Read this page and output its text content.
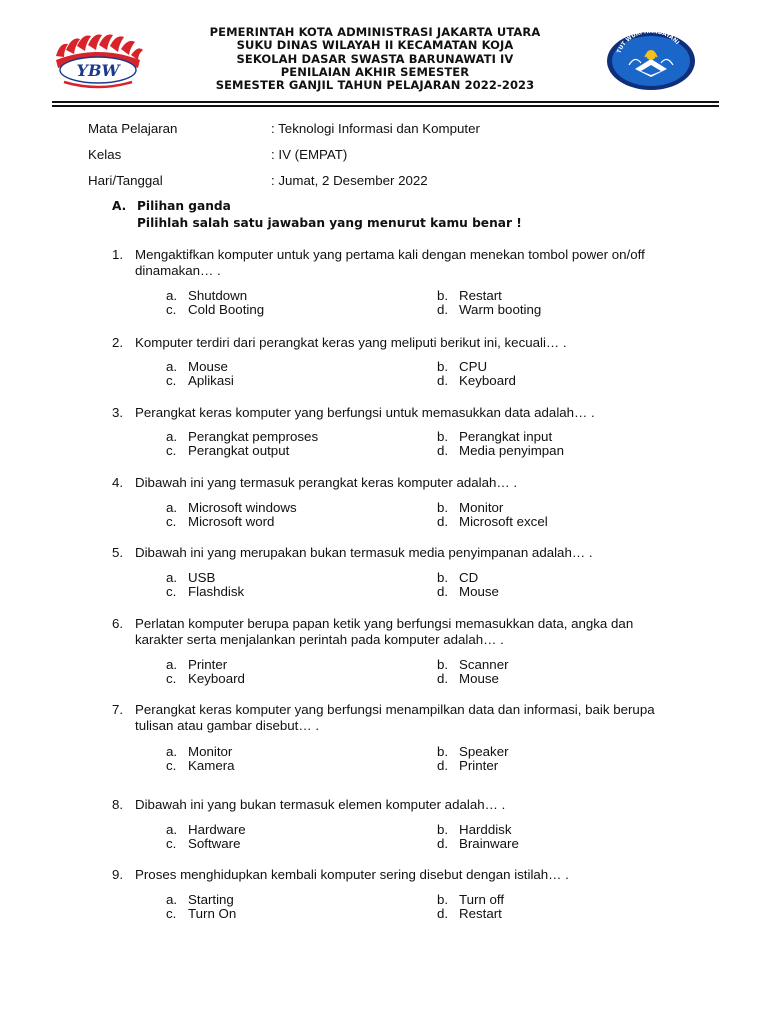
YBW
PEMERINTAH KOTA ADMINISTRASI JAKARTA UTARA
SUKU DINAS WILAYAH II KECAMATAN KOJA
SEKOLAH DASAR SWASTA BARUNAWATI IV
PENILAIAN AKHIR SEMESTER
SEMESTER GANJIL TAHUN PELAJARAN 2022-2023
TUT WURI HANDAYANI
Mata Pelajaran	: Teknologi Informasi dan Komputer
Kelas	: IV (EMPAT)
Hari/Tanggal	: Jumat, 2 Desember 2022
A. Pilihan ganda
Pilihlah salah satu jawaban yang menurut kamu benar !
1. Mengaktifkan komputer untuk yang pertama kali dengan menekan tombol power on/off dinamakan… .
a. Shutdown	b. Restart
c. Cold Booting	d. Warm booting
2. Komputer terdiri dari perangkat keras yang meliputi berikut ini, kecuali… .
a. Mouse	b. CPU
c. Aplikasi	d. Keyboard
3. Perangkat keras komputer yang berfungsi untuk memasukkan data adalah… .
a. Perangkat pemproses	b. Perangkat input
c. Perangkat output	d. Media penyimpan
4. Dibawah ini yang termasuk perangkat keras komputer adalah… .
a. Microsoft windows	b. Monitor
c. Microsoft word	d. Microsoft excel
5. Dibawah ini yang merupakan bukan termasuk media penyimpanan adalah… .
a. USB	b. CD
c. Flashdisk	d. Mouse
6. Perlatan komputer berupa papan ketik yang berfungsi memasukkan data, angka dan karakter serta menjalankan perintah pada komputer adalah… .
a. Printer	b. Scanner
c. Keyboard	d. Mouse
7. Perangkat keras komputer yang berfungsi menampilkan data dan informasi, baik berupa tulisan atau gambar disebut… .
a. Monitor	b. Speaker
c. Kamera	d. Printer
8. Dibawah ini yang bukan termasuk elemen komputer adalah… .
a. Hardware	b. Harddisk
c. Software	d. Brainware
9. Proses menghidupkan kembali komputer sering disebut dengan istilah… .
a. Starting	b. Turn off
c. Turn On	d. Restart
